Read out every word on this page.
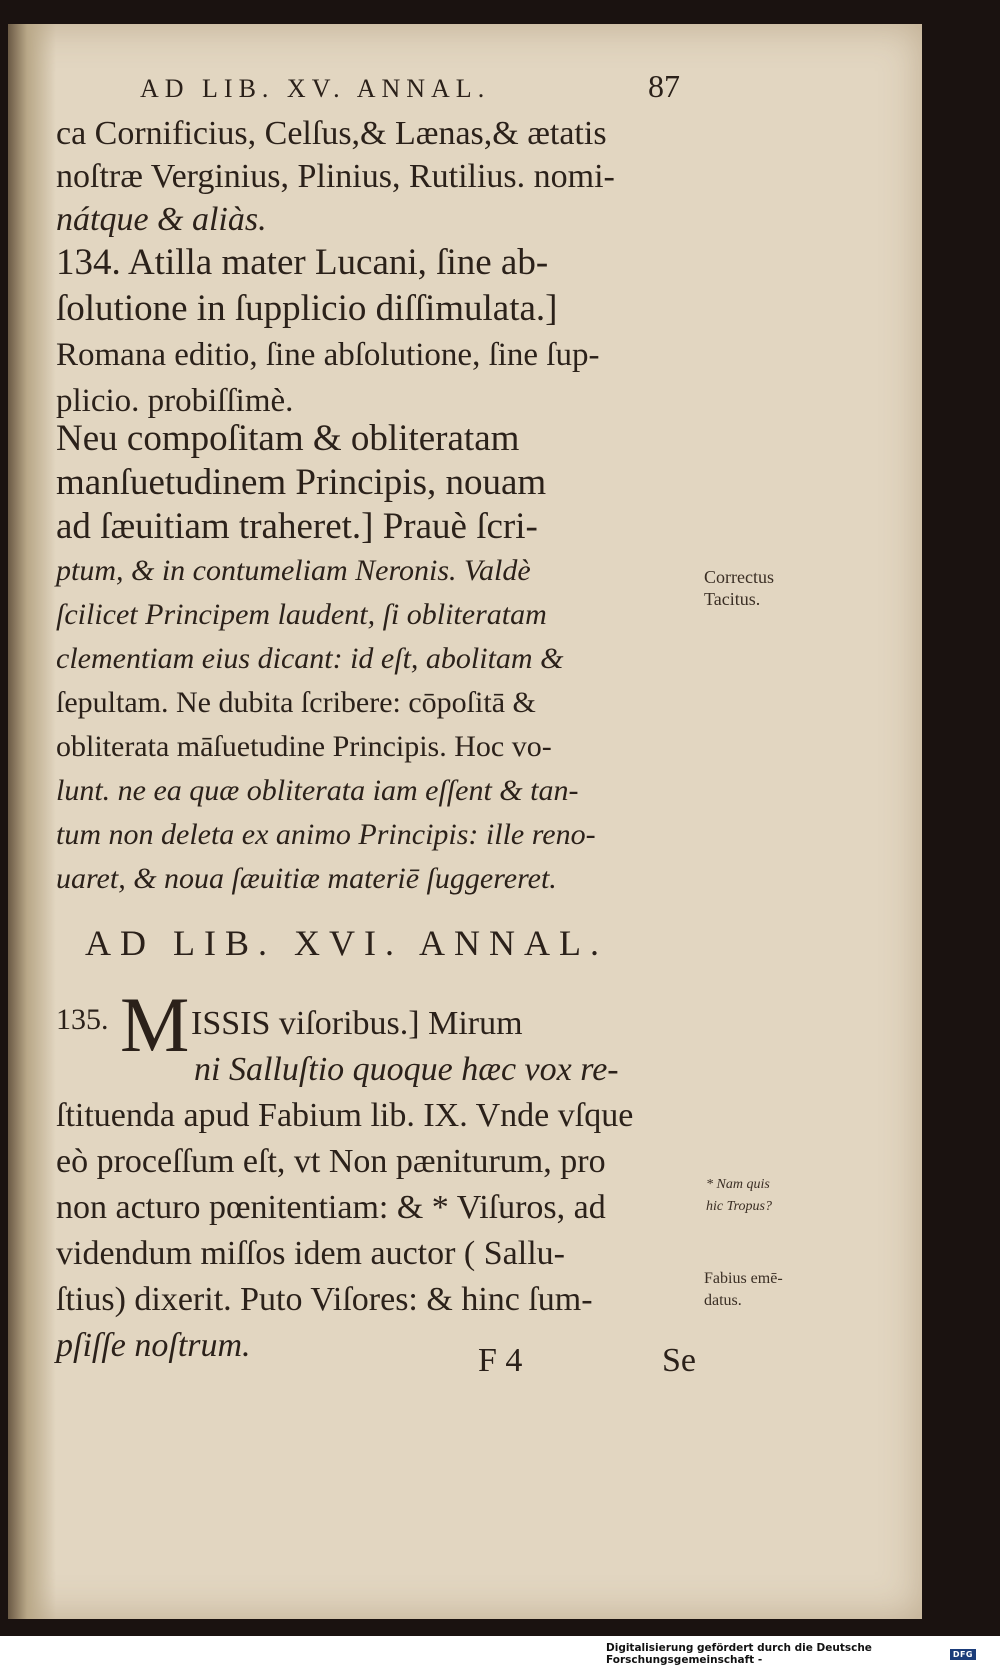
AD LIB. XV. ANNAL.	87
ca Cornificius, Celſus,& Lænas,& ætatis
noſtræ Verginius, Plinius, Rutilius. nomi-
nátque & aliàs.
134. Atilla mater Lucani, ſine ab-
ſolutione in ſupplicio diſſimulata.]
Romana editio, ſine abſolutione, ſine ſup-
plicio. probiſſimè.
Neu compoſitam & obliteratam
manſuetudinem Principis, nouam
ad ſæuitiam traheret.] Prauè ſcri-
ptum, & in contumeliam Neronis. Valdè
ſcilicet Principem laudent, ſi obliteratam
clementiam eius dicant: id eſt, abolitam &
ſepultam. Ne dubita ſcribere: cōpoſitā &
obliterata māſuetudine Principis. Hoc vo-
lunt. ne ea quæ obliterata iam eſſent & tan-
tum non deleta ex animo Principis: ille reno-
uaret, & noua ſæuitiæ materiē ſuggereret.
Correctus
Tacitus.
AD LIB. XVI. ANNAL.
135. M ISSIS viſoribus.] Mirum
ni Salluſtio quoque hæc vox re-
ſtituenda apud Fabium lib. IX. Vnde vſque
eò proceſſum eſt, vt Non pæniturum, pro
non acturo pœnitentiam: & * Viſuros, ad
videndum miſſos idem auctor ( Sallu-
ſtius) dixerit. Puto Viſores: & hinc ſum-
pſiſſe noſtrum.
* Nam quis
hic Tropus?
Fabius emē-
datus.
F 4	Se
Digitalisierung gefördert durch die Deutsche Forschungsgemeinschaft -	DFG
